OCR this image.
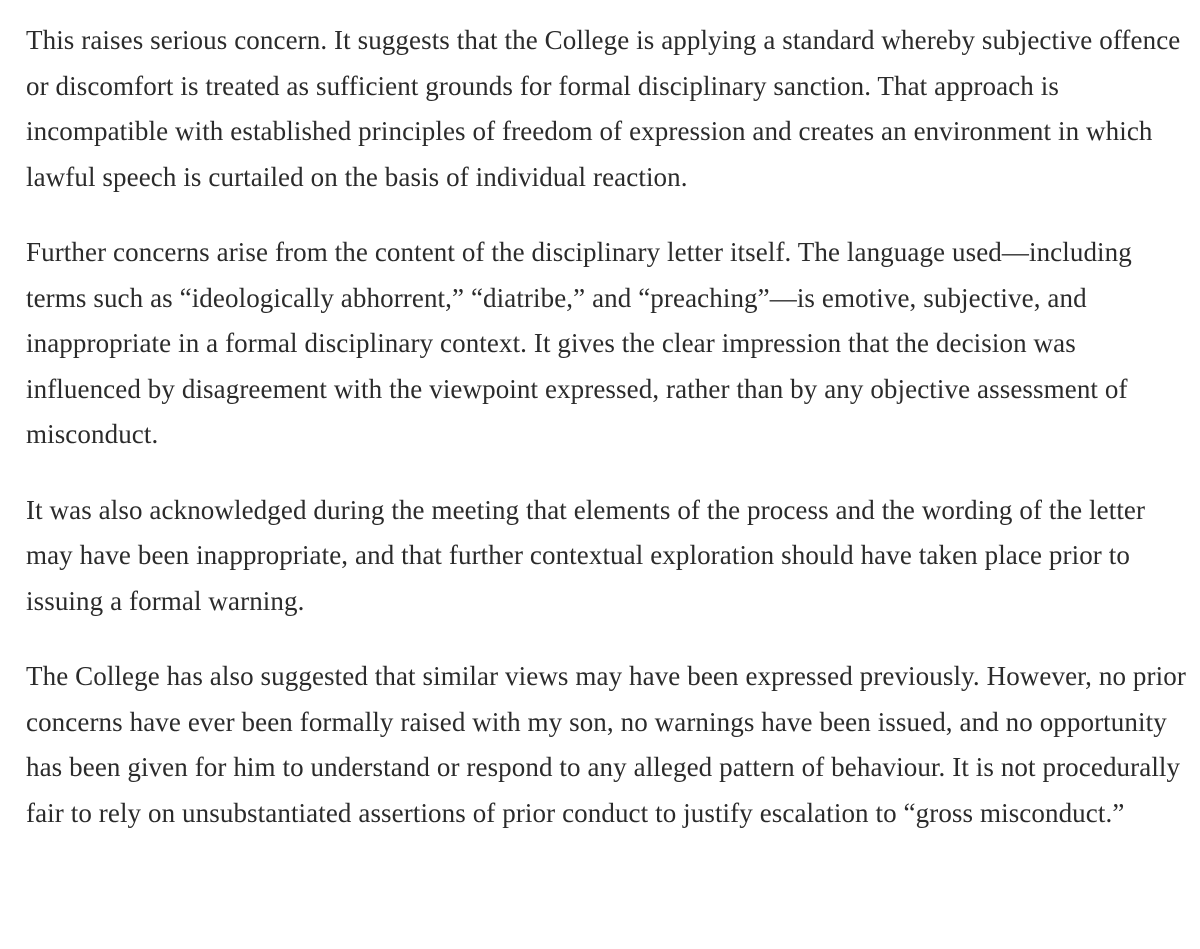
This raises serious concern. It suggests that the College is applying a standard whereby subjective offence or discomfort is treated as sufficient grounds for formal disciplinary sanction. That approach is incompatible with established principles of freedom of expression and creates an environment in which lawful speech is curtailed on the basis of individual reaction.

Further concerns arise from the content of the disciplinary letter itself. The language used—including terms such as “ideologically abhorrent,” “diatribe,” and “preaching”—is emotive, subjective, and inappropriate in a formal disciplinary context. It gives the clear impression that the decision was influenced by disagreement with the viewpoint expressed, rather than by any objective assessment of misconduct.

It was also acknowledged during the meeting that elements of the process and the wording of the letter may have been inappropriate, and that further contextual exploration should have taken place prior to issuing a formal warning.

The College has also suggested that similar views may have been expressed previously. However, no prior concerns have ever been formally raised with my son, no warnings have been issued, and no opportunity has been given for him to understand or respond to any alleged pattern of behaviour. It is not procedurally fair to rely on unsubstantiated assertions of prior conduct to justify escalation to “gross misconduct.”
